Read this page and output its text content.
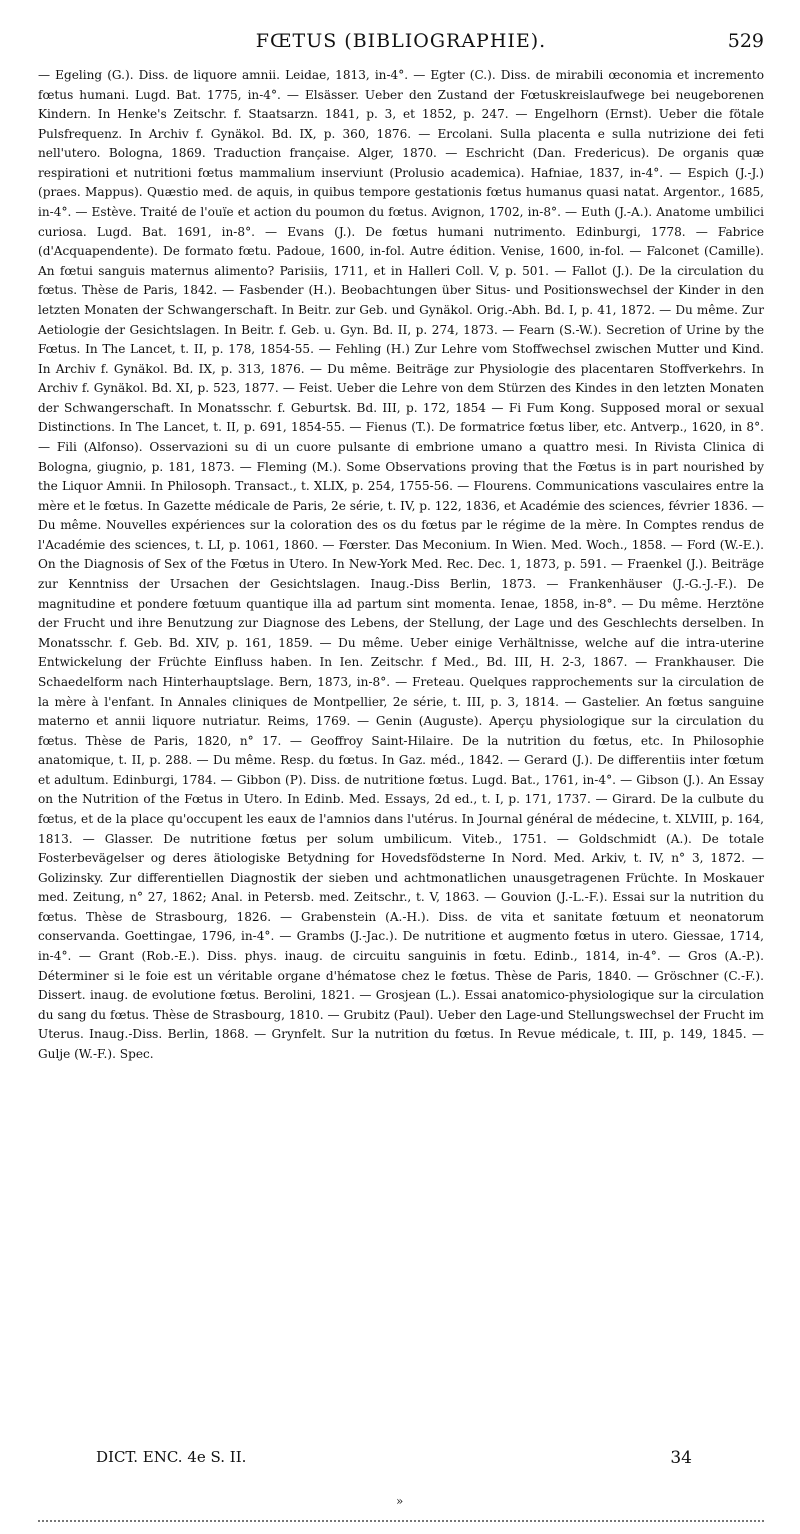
FŒTUS (BIBLIOGRAPHIE).	529

— Egeling (G.). Diss. de liquore amnii. Leidae, 1813, in-4°. — Egter (C.). Diss. de mirabili œconomia et incremento fœtus humani. Lugd. Bat. 1775, in-4°. — Elsässer. Ueber den Zustand der Fœtuskreislaufwege bei neugeborenen Kindern. In Henke's Zeitschr. f. Staatsarzn. 1841, p. 3, et 1852, p. 247. — Engelhorn (Ernst). Ueber die fötale Pulsfrequenz. In Archiv f. Gynäkol. Bd. IX, p. 360, 1876. — Ercolani. Sulla placenta e sulla nutrizione dei feti nell'utero. Bologna, 1869. Traduction française. Alger, 1870. — Eschricht (Dan. Fredericus). De organis quæ respirationi et nutritioni fœtus mammalium inserviunt (Prolusio academica). Hafniae, 1837, in-4°. — Espich (J.-J.) (praes. Mappus). Quæstio med. de aquis, in quibus tempore gestationis fœtus humanus quasi natat. Argentor., 1685, in-4°. — Estève. Traité de l'ouïe et action du poumon du fœtus. Avignon, 1702, in-8°. — Euth (J.-A.). Anatome umbilici curiosa. Lugd. Bat. 1691, in-8°. — Evans (J.). De fœtus humani nutrimento. Edinburgi, 1778. — Fabrice (d'Acquapendente). De formato fœtu. Padoue, 1600, in-fol. Autre édition. Venise, 1600, in-fol. — Falconet (Camille). An fœtui sanguis maternus alimento? Parisiis, 1711, et in Halleri Coll. V, p. 501. — Fallot (J.). De la circulation du fœtus. Thèse de Paris, 1842. — Fasbender (H.). Beobachtungen über Situs- und Positionswechsel der Kinder in den letzten Monaten der Schwangerschaft. In Beitr. zur Geb. und Gynäkol. Orig.-Abh. Bd. I, p. 41, 1872. — Du même. Zur Aetiologie der Gesichtslagen. In Beitr. f. Geb. u. Gyn. Bd. II, p. 274, 1873. — Fearn (S.-W.). Secretion of Urine by the Fœtus. In The Lancet, t. II, p. 178, 1854-55. — Fehling (H.) Zur Lehre vom Stoffwechsel zwischen Mutter und Kind. In Archiv f. Gynäkol. Bd. IX, p. 313, 1876. — Du même. Beiträge zur Physiologie des placentaren Stoffverkehrs. In Archiv f. Gynäkol. Bd. XI, p. 523, 1877. — Feist. Ueber die Lehre von dem Stürzen des Kindes in den letzten Monaten der Schwangerschaft. In Monatsschr. f. Geburtsk. Bd. III, p. 172, 1854 — Fi Fum Kong. Supposed moral or sexual Distinctions. In The Lancet, t. II, p. 691, 1854-55. — Fienus (T.). De formatrice fœtus liber, etc. Antverp., 1620, in 8°. — Fili (Alfonso). Osservazioni su di un cuore pulsante di embrione umano a quattro mesi. In Rivista Clinica di Bologna, giugnio, p. 181, 1873. — Fleming (M.). Some Observations proving that the Fœtus is in part nourished by the Liquor Amnii. In Philosoph. Transact., t. XLIX, p. 254, 1755-56. — Flourens. Communications vasculaires entre la mère et le fœtus. In Gazette médicale de Paris, 2e série, t. IV, p. 122, 1836, et Académie des sciences, février 1836. — Du même. Nouvelles expériences sur la coloration des os du fœtus par le régime de la mère. In Comptes rendus de l'Académie des sciences, t. LI, p. 1061, 1860. — Fœrster. Das Meconium. In Wien. Med. Woch., 1858. — Ford (W.-E.). On the Diagnosis of Sex of the Fœtus in Utero. In New-York Med. Rec. Dec. 1, 1873, p. 591. — Fraenkel (J.). Beiträge zur Kenntniss der Ursachen der Gesichtslagen. Inaug.-Diss Berlin, 1873. — Frankenhäuser (J.-G.-J.-F.). De magnitudine et pondere fœtuum quantique illa ad partum sint momenta. Ienae, 1858, in-8°. — Du même. Herztöne der Frucht und ihre Benutzung zur Diagnose des Lebens, der Stellung, der Lage und des Geschlechts derselben. In Monatsschr. f. Geb. Bd. XIV, p. 161, 1859. — Du même. Ueber einige Verhältnisse, welche auf die intra-uterine Entwickelung der Früchte Einfluss haben. In Ien. Zeitschr. f Med., Bd. III, H. 2-3, 1867. — Frankhauser. Die Schaedelform nach Hinterhauptslage. Bern, 1873, in-8°. — Freteau. Quelques rapprochements sur la circulation de la mère à l'enfant. In Annales cliniques de Montpellier, 2e série, t. III, p. 3, 1814. — Gastelier. An fœtus sanguine materno et annii liquore nutriatur. Reims, 1769. — Genin (Auguste). Aperçu physiologique sur la circulation du fœtus. Thèse de Paris, 1820, n° 17. — Geoffroy Saint-Hilaire. De la nutrition du fœtus, etc. In Philosophie anatomique, t. II, p. 288. — Du même. Resp. du fœtus. In Gaz. méd., 1842. — Gerard (J.). De differentiis inter fœtum et adultum. Edinburgi, 1784. — Gibbon (P). Diss. de nutritione fœtus. Lugd. Bat., 1761, in-4°. — Gibson (J.). An Essay on the Nutrition of the Fœtus in Utero. In Edinb. Med. Essays, 2d ed., t. I, p. 171, 1737. — Girard. De la culbute du fœtus, et de la place qu'occupent les eaux de l'amnios dans l'utérus. In Journal général de médecine, t. XLVIII, p. 164, 1813. — Glasser. De nutritione fœtus per solum umbilicum. Viteb., 1751. — Goldschmidt (A.). De totale Fosterbevägelser og deres ätiologiske Betydning for Hovedsfödsterne In Nord. Med. Arkiv, t. IV, n° 3, 1872. — Golizinsky. Zur differentiellen Diagnostik der sieben und achtmonatlichen unausgetragenen Früchte. In Moskauer med. Zeitung, n° 27, 1862; Anal. in Petersb. med. Zeitschr., t. V, 1863. — Gouvion (J.-L.-F.). Essai sur la nutrition du fœtus. Thèse de Strasbourg, 1826. — Grabenstein (A.-H.). Diss. de vita et sanitate fœtuum et neonatorum conservanda. Goettingae, 1796, in-4°. — Grambs (J.-Jac.). De nutritione et augmento fœtus in utero. Giessae, 1714, in-4°. — Grant (Rob.-E.). Diss. phys. inaug. de circuitu sanguinis in fœtu. Edinb., 1814, in-4°. — Gros (A.-P.). Déterminer si le foie est un véritable organe d'hématose chez le fœtus. Thèse de Paris, 1840. — Gröschner (C.-F.). Dissert. inaug. de evolutione fœtus. Berolini, 1821. — Grosjean (L.). Essai anatomico-physiologique sur la circulation du sang du fœtus. Thèse de Strasbourg, 1810. — Grubitz (Paul). Ueber den Lage-und Stellungswechsel der Frucht im Uterus. Inaug.-Diss. Berlin, 1868. — Grynfelt. Sur la nutrition du fœtus. In Revue médicale, t. III, p. 149, 1845. — Gulje (W.-F.). Spec.

DICT. ENC. 4e S. II.	34
»
